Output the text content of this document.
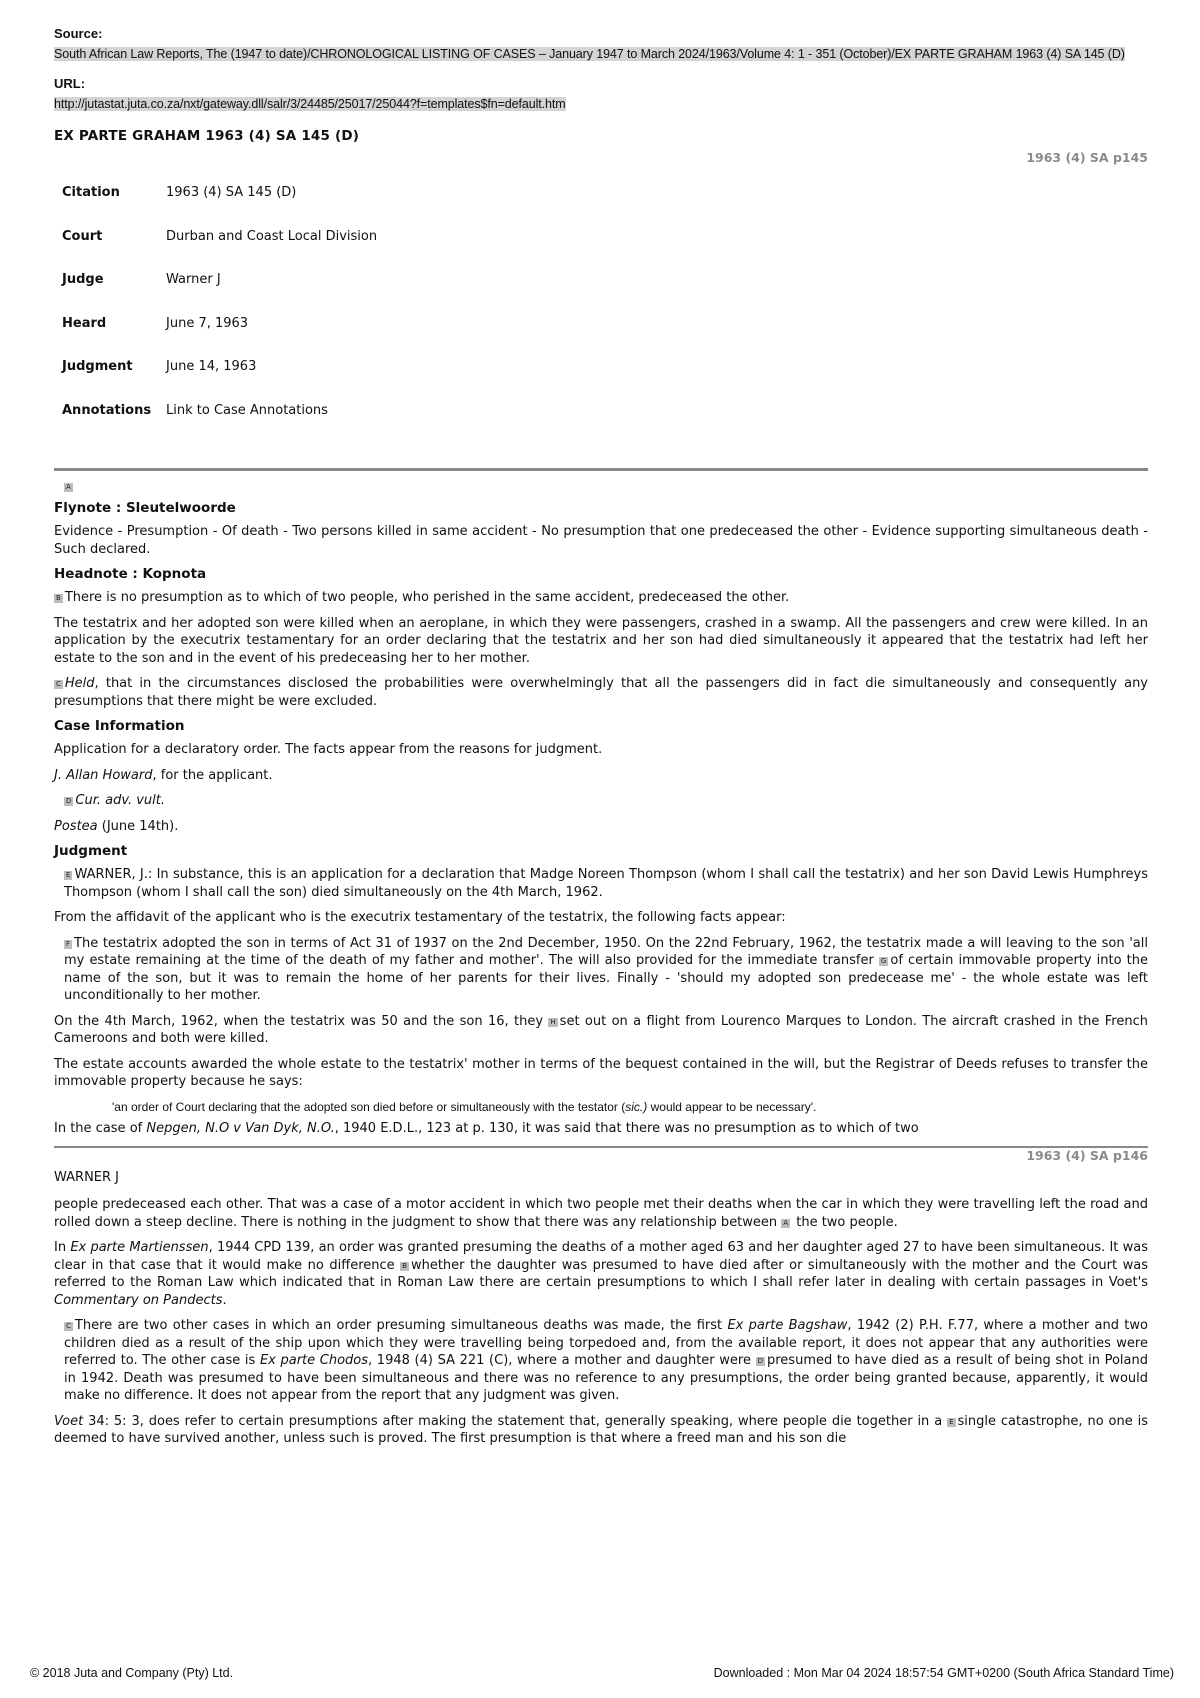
Source:
South African Law Reports, The (1947 to date)/CHRONOLOGICAL LISTING OF CASES – January 1947 to March 2024/1963/Volume 4: 1 - 351 (October)/EX PARTE GRAHAM 1963 (4) SA 145 (D)
URL:
http://jutastat.juta.co.za/nxt/gateway.dll/salr/3/24485/25017/25044?f=templates$fn=default.htm
EX PARTE GRAHAM 1963 (4) SA 145 (D)
1963 (4) SA p145
Citation	1963 (4) SA 145 (D)
Court	Durban and Coast Local Division
Judge	Warner J
Heard	June 7, 1963
Judgment	June 14, 1963
Annotations	Link to Case Annotations
A
Flynote : Sleutelwoorde

Evidence - Presumption - Of death - Two persons killed in same accident - No presumption that one predeceased the other - Evidence supporting simultaneous death - Such declared.

Headnote : Kopnota

B There is no presumption as to which of two people, who perished in the same accident, predeceased the other.

The testatrix and her adopted son were killed when an aeroplane, in which they were passengers, crashed in a swamp. All the passengers and crew were killed. In an application by the executrix testamentary for an order declaring that the testatrix and her son had died simultaneously it appeared that the testatrix had left her estate to the son and in the event of his predeceasing her to her mother.

C Held, that in the circumstances disclosed the probabilities were overwhelmingly that all the passengers did in fact die simultaneously and consequently any presumptions that there might be were excluded.

Case Information

Application for a declaratory order. The facts appear from the reasons for judgment.

J. Allan Howard, for the applicant.

D Cur. adv. vult.

Postea (June 14th).

Judgment

E WARNER, J.: In substance, this is an application for a declaration that Madge Noreen Thompson (whom I shall call the testatrix) and her son David Lewis Humphreys Thompson (whom I shall call the son) died simultaneously on the 4th March, 1962.

From the affidavit of the applicant who is the executrix testamentary of the testatrix, the following facts appear:

F The testatrix adopted the son in terms of Act 31 of 1937 on the 2nd December, 1950. On the 22nd February, 1962, the testatrix made a will leaving to the son 'all my estate remaining at the time of the death of my father and mother'. The will also provided for the immediate transfer G of certain immovable property into the name of the son, but it was to remain the home of her parents for their lives. Finally - 'should my adopted son predecease me' - the whole estate was left unconditionally to her mother.

On the 4th March, 1962, when the testatrix was 50 and the son 16, they H set out on a flight from Lourenco Marques to London. The aircraft crashed in the French Cameroons and both were killed.

The estate accounts awarded the whole estate to the testatrix' mother in terms of the bequest contained in the will, but the Registrar of Deeds refuses to transfer the immovable property because he says:

'an order of Court declaring that the adopted son died before or simultaneously with the testator (sic.) would appear to be necessary'.

In the case of Nepgen, N.O v Van Dyk, N.O., 1940 E.D.L., 123 at p. 130, it was said that there was no presumption as to which of two

1963 (4) SA p146

WARNER J

people predeceased each other. That was a case of a motor accident in which two people met their deaths when the car in which they were travelling left the road and rolled down a steep decline. There is nothing in the judgment to show that there was any relationship between A the two people.

In Ex parte Martienssen, 1944 CPD 139, an order was granted presuming the deaths of a mother aged 63 and her daughter aged 27 to have been simultaneous. It was clear in that case that it would make no difference B whether the daughter was presumed to have died after or simultaneously with the mother and the Court was referred to the Roman Law which indicated that in Roman Law there are certain presumptions to which I shall refer later in dealing with certain passages in Voet's Commentary on Pandects.

C There are two other cases in which an order presuming simultaneous deaths was made, the first Ex parte Bagshaw, 1942 (2) P.H. F.77, where a mother and two children died as a result of the ship upon which they were travelling being torpedoed and, from the available report, it does not appear that any authorities were referred to. The other case is Ex parte Chodos, 1948 (4) SA 221 (C), where a mother and daughter were D presumed to have died as a result of being shot in Poland in 1942. Death was presumed to have been simultaneous and there was no reference to any presumptions, the order being granted because, apparently, it would make no difference. It does not appear from the report that any judgment was given.

Voet 34: 5: 3, does refer to certain presumptions after making the statement that, generally speaking, where people die together in a E single catastrophe, no one is deemed to have survived another, unless such is proved. The first presumption is that where a freed man and his son die

© 2018 Juta and Company (Pty) Ltd.	Downloaded : Mon Mar 04 2024 18:57:54 GMT+0200 (South Africa Standard Time)
